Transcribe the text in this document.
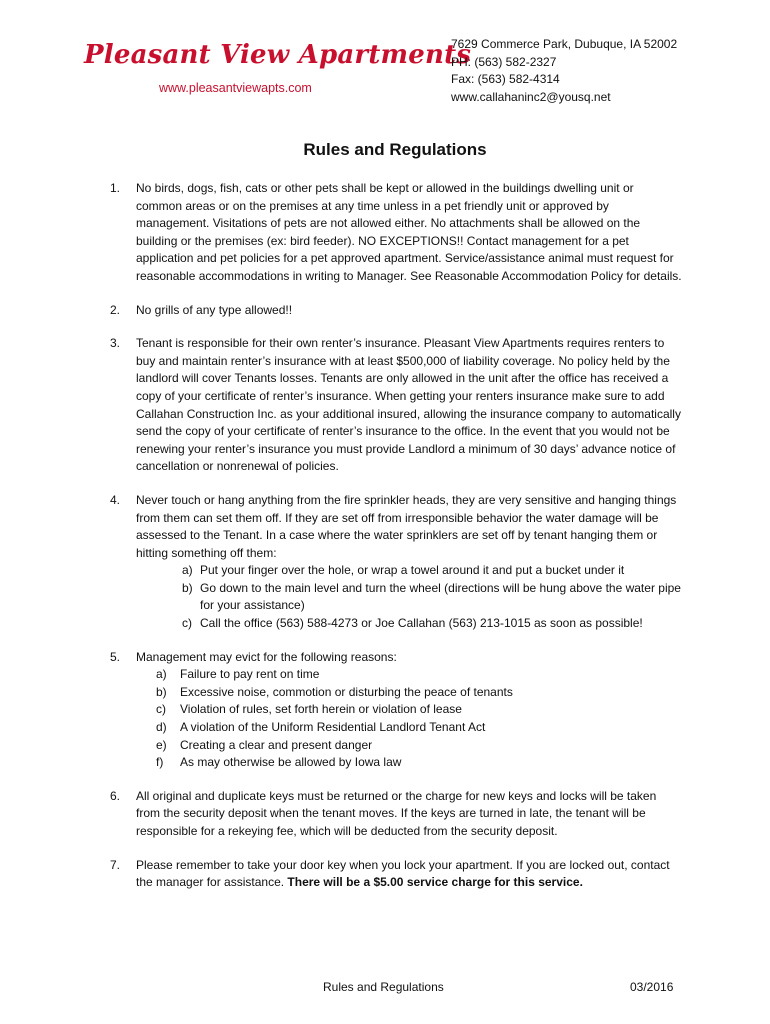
Pleasant View Apartments
www.pleasantviewapts.com
7629 Commerce Park, Dubuque, IA 52002
PH: (563) 582-2327
Fax: (563) 582-4314
www.callahaninc2@yousq.net
Rules and Regulations
1. No birds, dogs, fish, cats or other pets shall be kept or allowed in the buildings dwelling unit or common areas or on the premises at any time unless in a pet friendly unit or approved by management. Visitations of pets are not allowed either. No attachments shall be allowed on the building or the premises (ex: bird feeder). NO EXCEPTIONS!! Contact management for a pet application and pet policies for a pet approved apartment. Service/assistance animal must request for reasonable accommodations in writing to Manager. See Reasonable Accommodation Policy for details.

2. No grills of any type allowed!!

3. Tenant is responsible for their own renter’s insurance. Pleasant View Apartments requires renters to buy and maintain renter’s insurance with at least $500,000 of liability coverage. No policy held by the landlord will cover Tenants losses. Tenants are only allowed in the unit after the office has received a copy of your certificate of renter’s insurance. When getting your renters insurance make sure to add Callahan Construction Inc. as your additional insured, allowing the insurance company to automatically send the copy of your certificate of renter’s insurance to the office. In the event that you would not be renewing your renter’s insurance you must provide Landlord a minimum of 30 days’ advance notice of cancellation or nonrenewal of policies.

4. Never touch or hang anything from the fire sprinkler heads, they are very sensitive and hanging things from them can set them off. If they are set off from irresponsible behavior the water damage will be assessed to the Tenant. In a case where the water sprinklers are set off by tenant hanging them or hitting something off them:

a) Put your finger over the hole, or wrap a towel around it and put a bucket under it
b) Go down to the main level and turn the wheel (directions will be hung above the water pipe for your assistance)
c) Call the office (563) 588-4273 or Joe Callahan (563) 213-1015 as soon as possible!
5. Management may evict for the following reasons:

a) Failure to pay rent on time
b) Excessive noise, commotion or disturbing the peace of tenants
c) Violation of rules, set forth herein or violation of lease
d) A violation of the Uniform Residential Landlord Tenant Act
e) Creating a clear and present danger
f) As may otherwise be allowed by Iowa law
6. All original and duplicate keys must be returned or the charge for new keys and locks will be taken from the security deposit when the tenant moves. If the keys are turned in late, the tenant will be responsible for a rekeying fee, which will be deducted from the security deposit.

7. Please remember to take your door key when you lock your apartment. If you are locked out, contact the manager for assistance. There will be a $5.00 service charge for this service.

Rules and Regulations	03/2016
